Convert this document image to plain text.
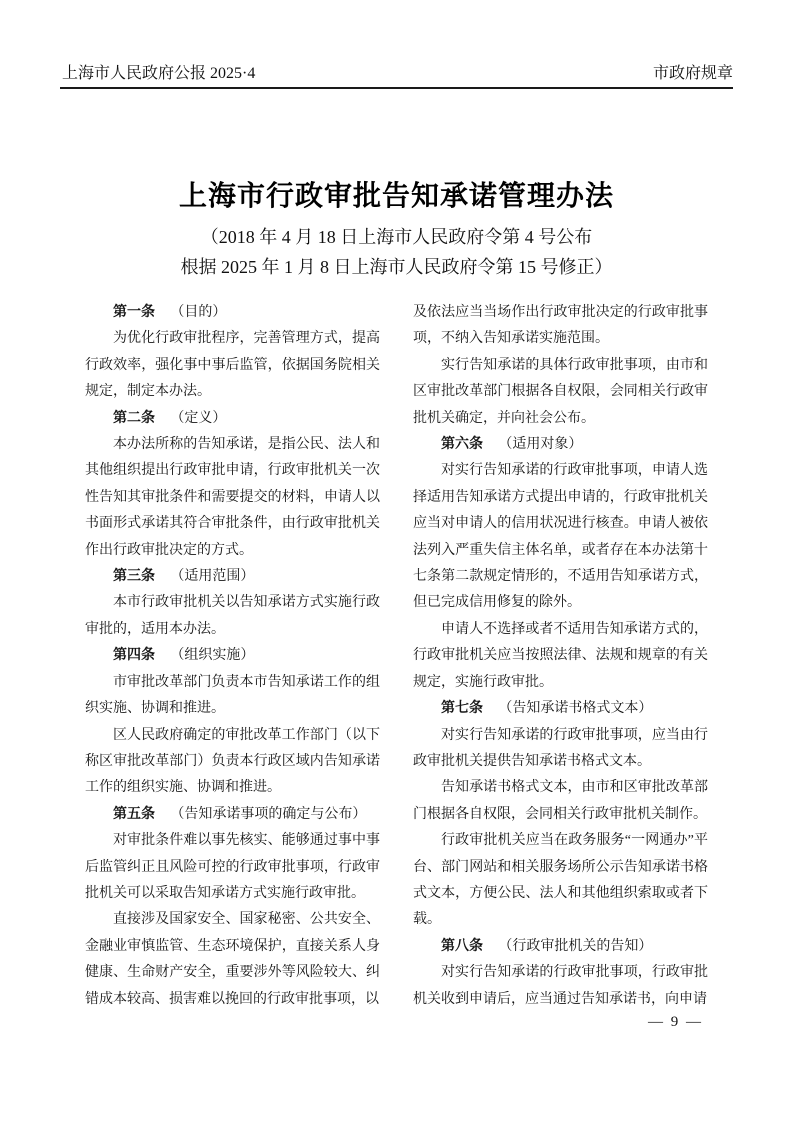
上海市人民政府公报 2025·4	市政府规章
上海市行政审批告知承诺管理办法
（2018 年 4 月 18 日上海市人民政府令第 4 号公布
根据 2025 年 1 月 8 日上海市人民政府令第 15 号修正）
第一条 （目的）
为优化行政审批程序，完善管理方式，提高行政效率，强化事中事后监管，依据国务院相关规定，制定本办法。
第二条 （定义）
本办法所称的告知承诺，是指公民、法人和其他组织提出行政审批申请，行政审批机关一次性告知其审批条件和需要提交的材料，申请人以书面形式承诺其符合审批条件，由行政审批机关作出行政审批决定的方式。
第三条 （适用范围）
本市行政审批机关以告知承诺方式实施行政审批的，适用本办法。
第四条 （组织实施）
市审批改革部门负责本市告知承诺工作的组织实施、协调和推进。
区人民政府确定的审批改革工作部门（以下称区审批改革部门）负责本行政区域内告知承诺工作的组织实施、协调和推进。
第五条 （告知承诺事项的确定与公布）
对审批条件难以事先核实、能够通过事中事后监管纠正且风险可控的行政审批事项，行政审批机关可以采取告知承诺方式实施行政审批。
直接涉及国家安全、国家秘密、公共安全、金融业审慎监管、生态环境保护，直接关系人身健康、生命财产安全，重要涉外等风险较大、纠错成本较高、损害难以挽回的行政审批事项，以
及依法应当当场作出行政审批决定的行政审批事项，不纳入告知承诺实施范围。
实行告知承诺的具体行政审批事项，由市和区审批改革部门根据各自权限，会同相关行政审批机关确定，并向社会公布。
第六条 （适用对象）
对实行告知承诺的行政审批事项，申请人选择适用告知承诺方式提出申请的，行政审批机关应当对申请人的信用状况进行核查。申请人被依法列入严重失信主体名单，或者存在本办法第十七条第二款规定情形的，不适用告知承诺方式，但已完成信用修复的除外。
申请人不选择或者不适用告知承诺方式的，行政审批机关应当按照法律、法规和规章的有关规定，实施行政审批。
第七条 （告知承诺书格式文本）
对实行告知承诺的行政审批事项，应当由行政审批机关提供告知承诺书格式文本。
告知承诺书格式文本，由市和区审批改革部门根据各自权限，会同相关行政审批机关制作。
行政审批机关应当在政务服务“一网通办”平台、部门网站和相关服务场所公示告知承诺书格式文本，方便公民、法人和其他组织索取或者下载。
第八条 （行政审批机关的告知）
对实行告知承诺的行政审批事项，行政审批机关收到申请后，应当通过告知承诺书，向申请
— 9 —
